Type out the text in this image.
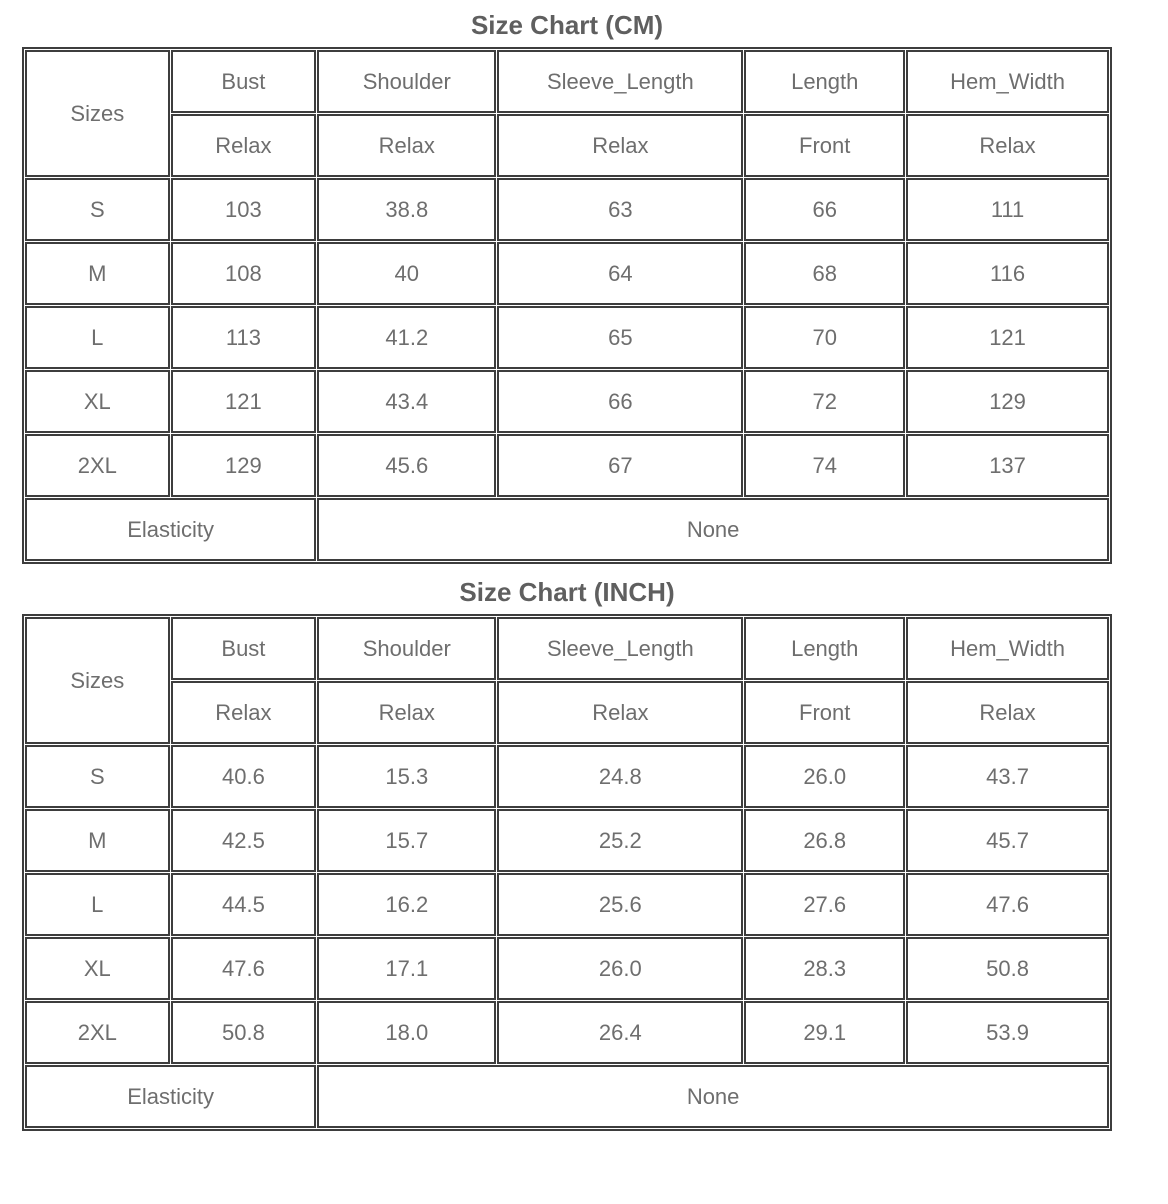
Size Chart (CM)
Sizes	Bust	Shoulder	Sleeve_Length	Length	Hem_Width
	Relax	Relax	Relax	Front	Relax
S	103	38.8	63	66	111
M	108	40	64	68	116
L	113	41.2	65	70	121
XL	121	43.4	66	72	129
2XL	129	45.6	67	74	137
Elasticity		None			
Size Chart (INCH)
Sizes	Bust	Shoulder	Sleeve_Length	Length	Hem_Width
	Relax	Relax	Relax	Front	Relax
S	40.6	15.3	24.8	26.0	43.7
M	42.5	15.7	25.2	26.8	45.7
L	44.5	16.2	25.6	27.6	47.6
XL	47.6	17.1	26.0	28.3	50.8
2XL	50.8	18.0	26.4	29.1	53.9
Elasticity		None			
